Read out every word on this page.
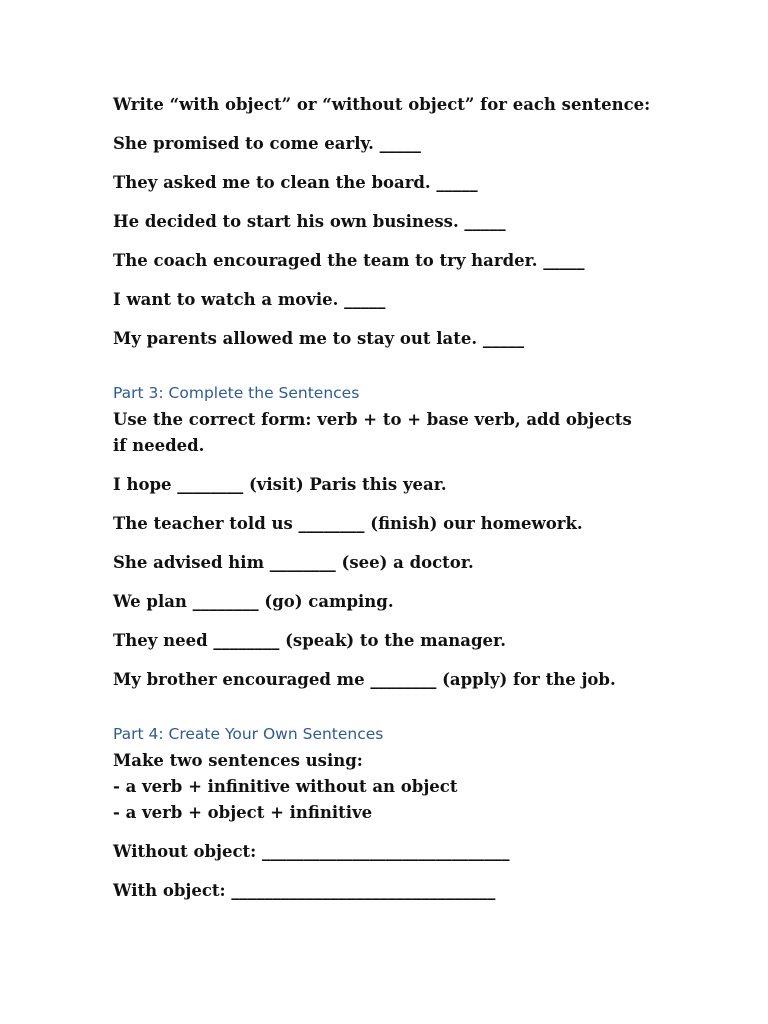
Write “with object” or “without object” for each sentence:

She promised to come early. _____

They asked me to clean the board. _____

He decided to start his own business. _____

The coach encouraged the team to try harder. _____

I want to watch a movie. _____

My parents allowed me to stay out late. _____

Part 3: Complete the Sentences

Use the correct form: verb + to + base verb, add objects if needed.

I hope ________ (visit) Paris this year.

The teacher told us ________ (finish) our homework.

She advised him ________ (see) a doctor.

We plan ________ (go) camping.

They need ________ (speak) to the manager.

My brother encouraged me ________ (apply) for the job.

Part 4: Create Your Own Sentences

Make two sentences using:

- a verb + infinitive without an object

- a verb + object + infinitive

Without object: ______________________________

With object: ________________________________
